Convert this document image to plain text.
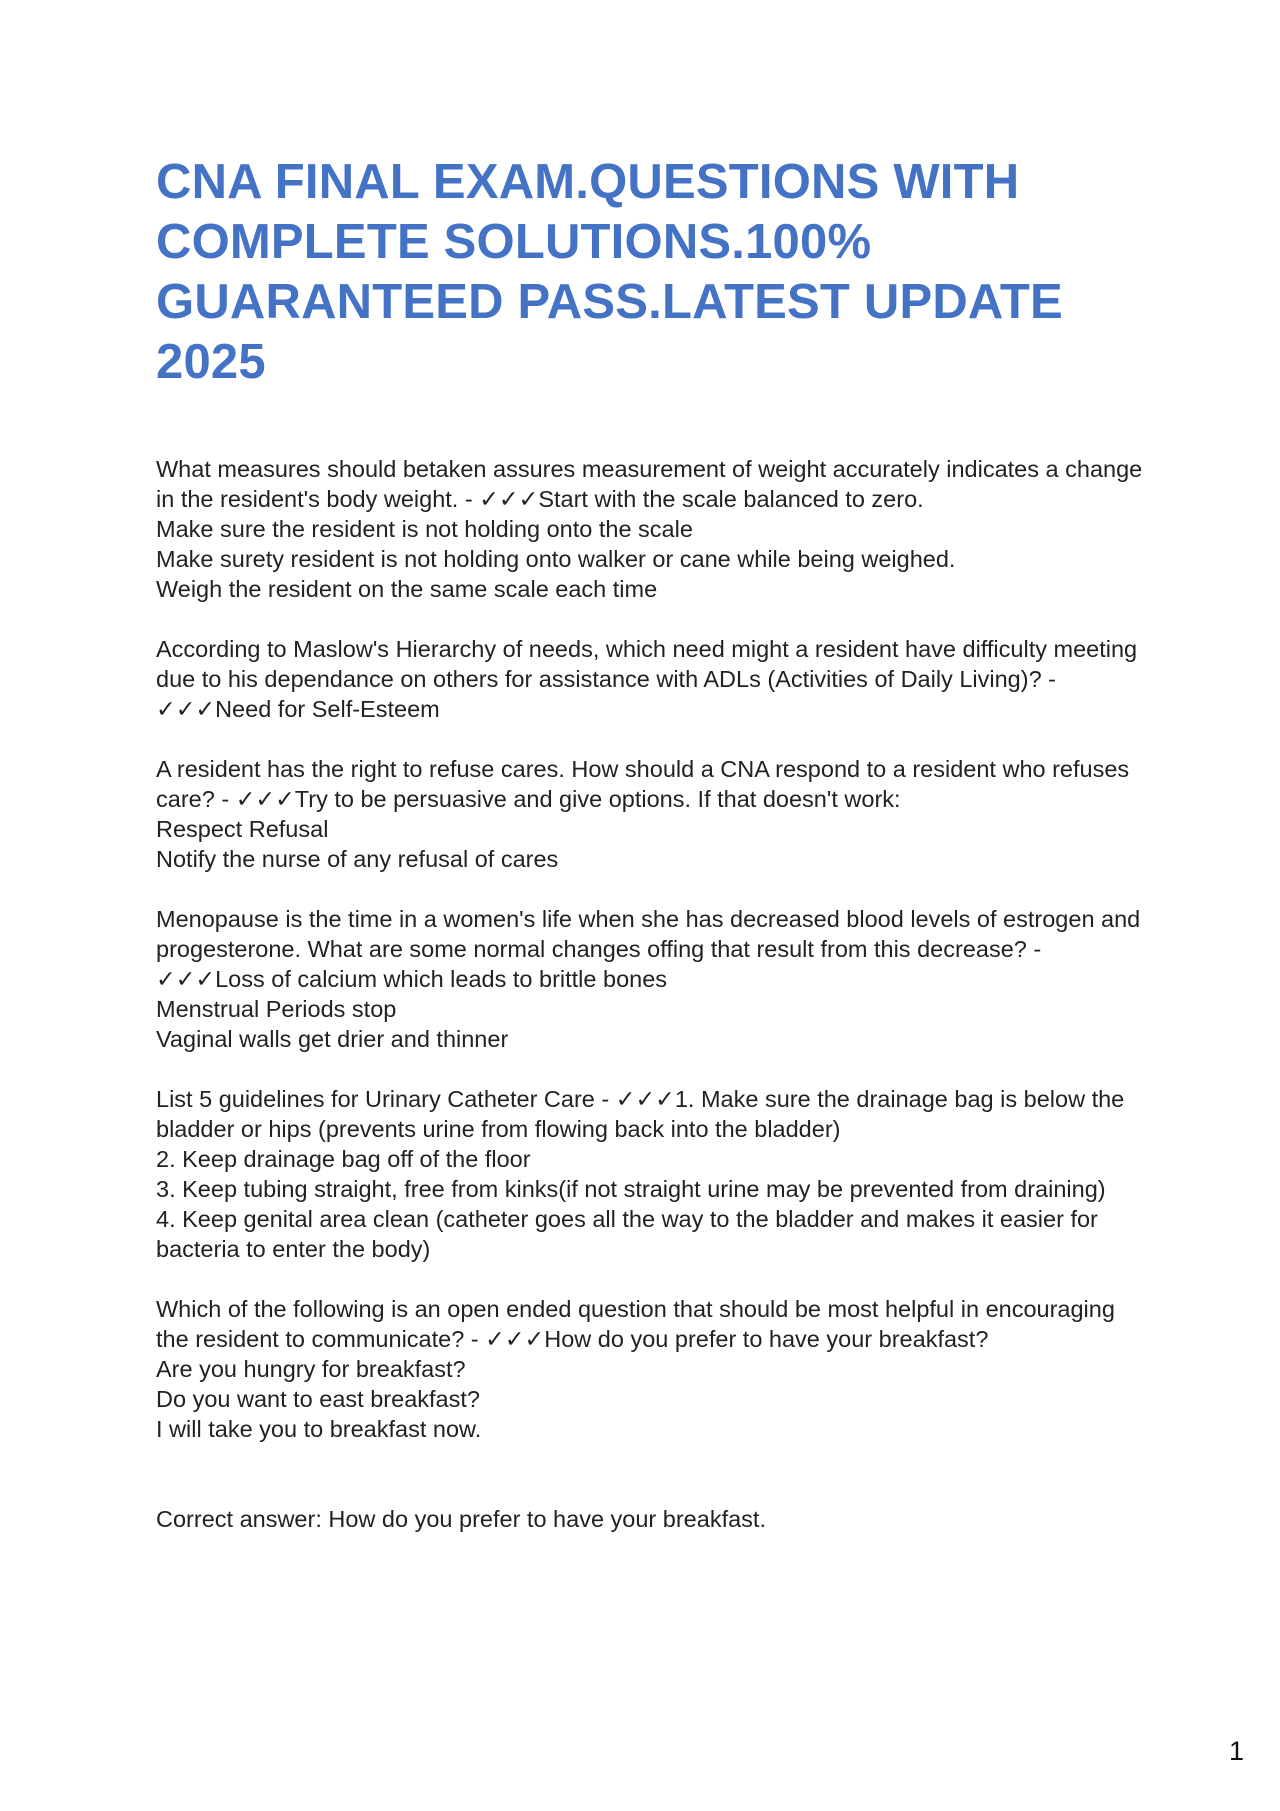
CNA FINAL EXAM.QUESTIONS WITH COMPLETE SOLUTIONS.100% GUARANTEED PASS.LATEST UPDATE 2025
What measures should betaken assures measurement of weight accurately indicates a change in the resident's body weight. - ✓✓✓Start with the scale balanced to zero.
Make sure the resident is not holding onto the scale
Make surety resident is not holding onto walker or cane while being weighed.
Weigh the resident on the same scale each time
According to Maslow's Hierarchy of needs, which need might a resident have difficulty meeting due to his dependance on others for assistance with ADLs (Activities of Daily Living)? - ✓✓✓Need for Self-Esteem
A resident has the right to refuse cares. How should a CNA respond to a resident who refuses care? - ✓✓✓Try to be persuasive and give options. If that doesn't work:
Respect Refusal
Notify the nurse of any refusal of cares
Menopause is the time in a women's life when she has decreased blood levels of estrogen and progesterone. What are some normal changes offing that result from this decrease? - ✓✓✓Loss of calcium which leads to brittle bones
Menstrual Periods stop
Vaginal walls get drier and thinner
List 5 guidelines for Urinary Catheter Care - ✓✓✓1. Make sure the drainage bag is below the bladder or hips (prevents urine from flowing back into the bladder)
2. Keep drainage bag off of the floor
3. Keep tubing straight, free from kinks(if not straight urine may be prevented from draining)
4. Keep genital area clean (catheter goes all the way to the bladder and makes it easier for bacteria to enter the body)
Which of the following is an open ended question that should be most helpful in encouraging the resident to communicate? - ✓✓✓How do you prefer to have your breakfast?
Are you hungry for breakfast?
Do you want to east breakfast?
I will take you to breakfast now.
Correct answer: How do you prefer to have your breakfast.
1
